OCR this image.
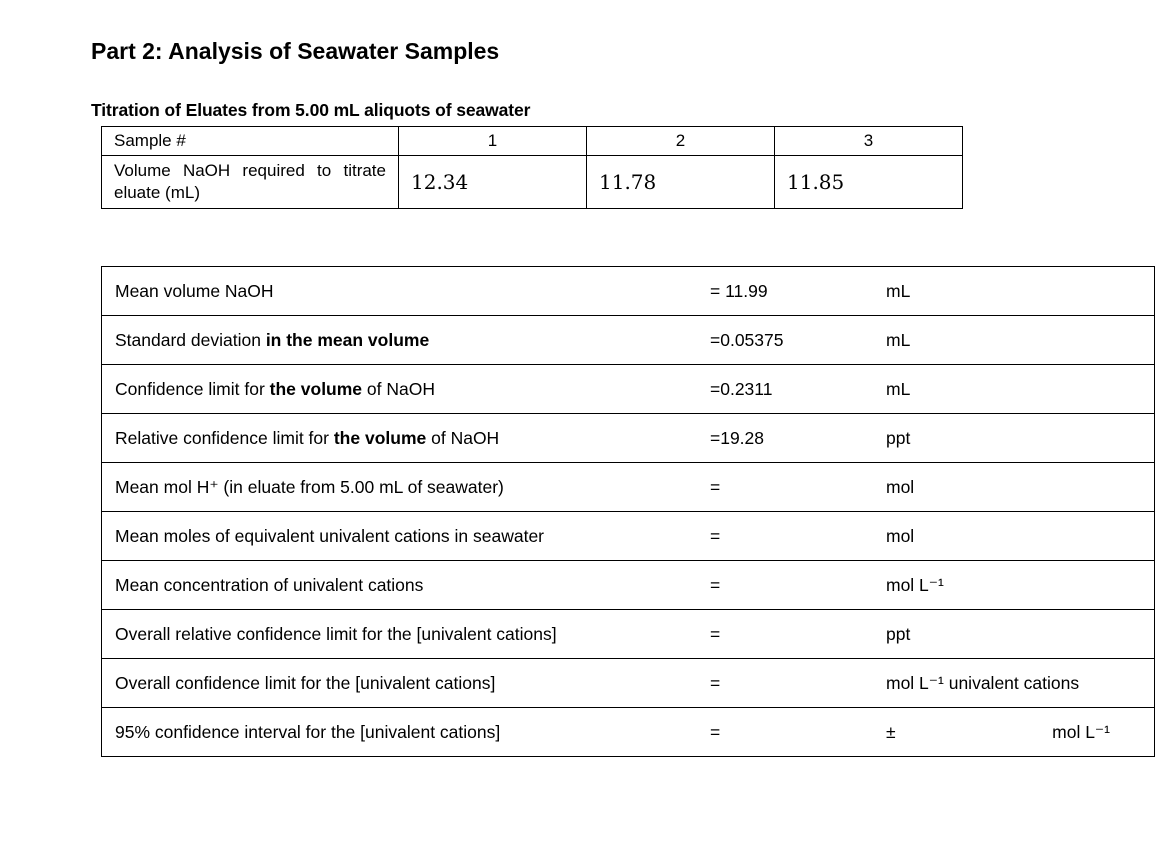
Part 2: Analysis of Seawater Samples
Titration of Eluates from 5.00 mL aliquots of seawater
Sample #	1	2	3
Volume NaOH required to titrate eluate (mL)	12.34	11.78	11.85
Mean volume NaOH	= 11.99	mL
Standard deviation in the mean volume	=0.05375	mL
Confidence limit for the volume of NaOH	=0.2311	mL
Relative confidence limit for the volume of NaOH	=19.28	ppt
Mean mol H⁺ (in eluate from 5.00 mL of seawater)	=	mol
Mean moles of equivalent univalent cations in seawater	=	mol
Mean concentration of univalent cations	=	mol L⁻¹
Overall relative confidence limit for the [univalent cations]	=	ppt
Overall confidence limit for the [univalent cations]	=	mol L⁻¹ univalent cations
95% confidence interval for the [univalent cations]	=	± mol L⁻¹
